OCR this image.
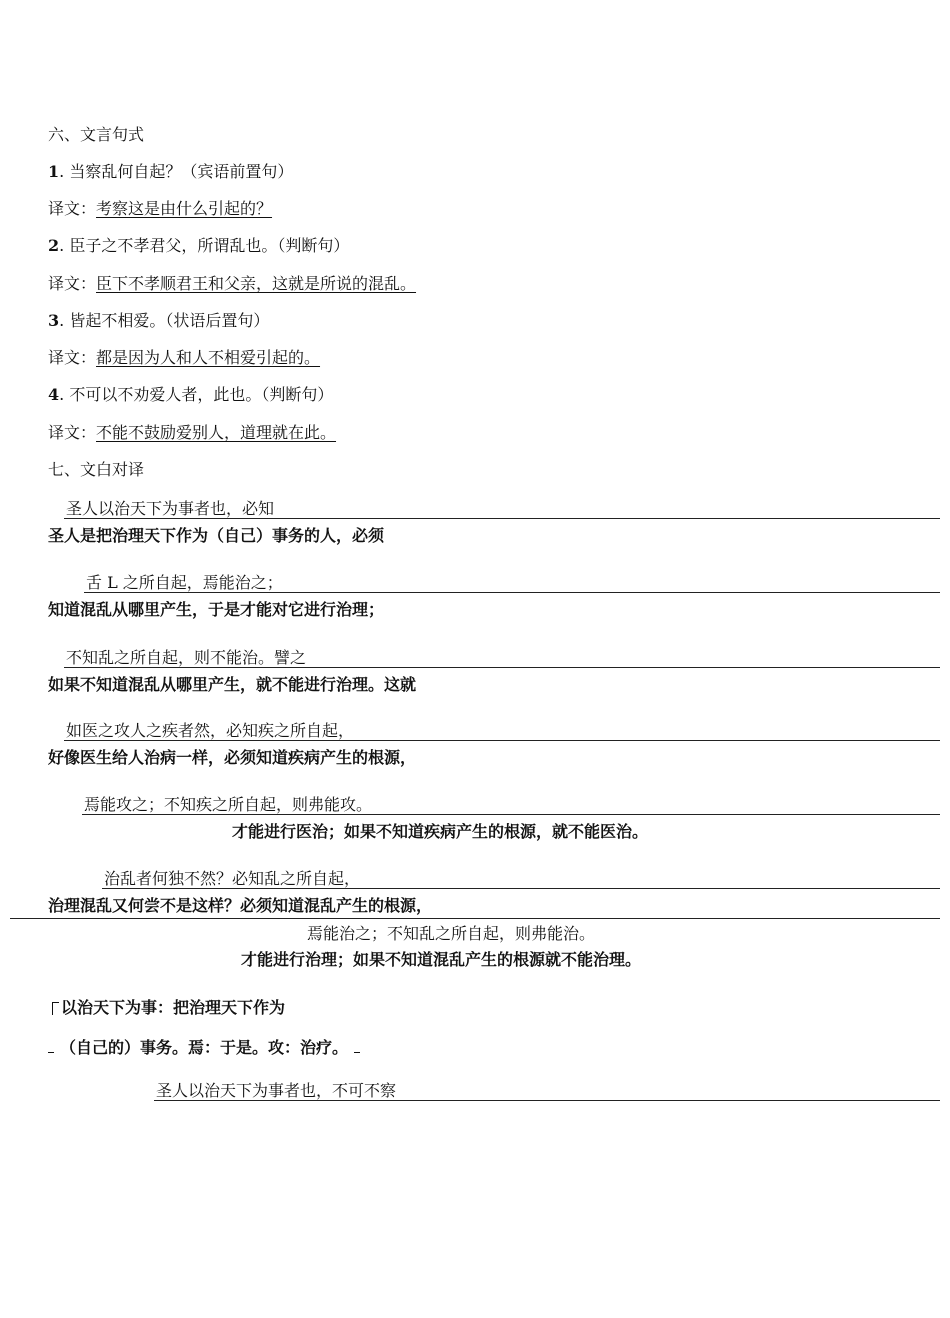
六、文言句式
1. 当察乱何自起？（宾语前置句）
译文：考察这是由什么引起的？
2. 臣子之不孝君父，所谓乱也。（判断句）
译文：臣下不孝顺君王和父亲，这就是所说的混乱。
3. 皆起不相爱。（状语后置句）
译文：都是因为人和人不相爱引起的。
4. 不可以不劝爱人者，此也。（判断句）
译文：不能不鼓励爱别人，道理就在此。
七、文白对译
圣人以治天下为事者也，必知
圣人是把治理天下作为（自己）事务的人，必须
舌 L 之所自起，焉能治之；
知道混乱从哪里产生，于是才能对它进行治理；
不知乱之所自起，则不能治。譬之
如果不知道混乱从哪里产生，就不能进行治理。这就
如医之攻人之疾者然，必知疾之所自起，
好像医生给人治病一样，必须知道疾病产生的根源，
焉能攻之；不知疾之所自起，则弗能攻。
才能进行医治；如果不知道疾病产生的根源，就不能医治。
治乱者何独不然？必知乱之所自起，
治理混乱又何尝不是这样？必须知道混乱产生的根源，
焉能治之；不知乱之所自起，则弗能治。
才能进行治理；如果不知道混乱产生的根源就不能治理。
以治天下为事：把治理天下作为
（自己的）事务。焉：于是。攻：治疗。
圣人以治天下为事者也，不可不察
